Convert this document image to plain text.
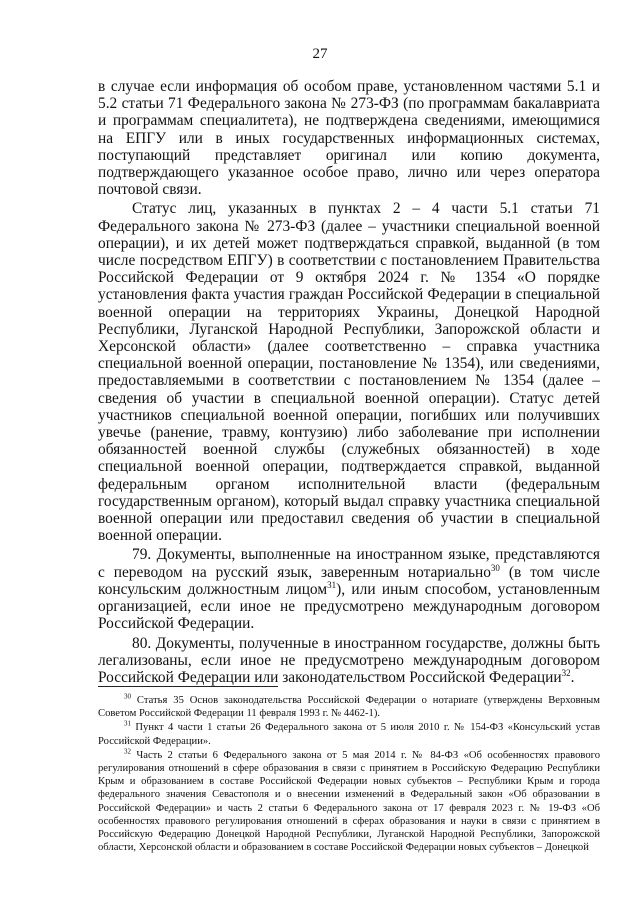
27

в случае если информация об особом праве, установленном частями 5.1 и 5.2 статьи 71 Федерального закона № 273-ФЗ (по программам бакалавриата и программам специалитета), не подтверждена сведениями, имеющимися на ЕПГУ или в иных государственных информационных системах, поступающий представляет оригинал или копию документа, подтверждающего указанное особое право, лично или через оператора почтовой связи.

Статус лиц, указанных в пунктах 2 – 4 части 5.1 статьи 71 Федерального закона № 273-ФЗ (далее – участники специальной военной операции), и их детей может подтверждаться справкой, выданной (в том числе посредством ЕПГУ) в соответствии с постановлением Правительства Российской Федерации от 9 октября 2024 г. № 1354 «О порядке установления факта участия граждан Российской Федерации в специальной военной операции на территориях Украины, Донецкой Народной Республики, Луганской Народной Республики, Запорожской области и Херсонской области» (далее соответственно – справка участника специальной военной операции, постановление № 1354), или сведениями, предоставляемыми в соответствии с постановлением № 1354 (далее – сведения об участии в специальной военной операции). Статус детей участников специальной военной операции, погибших или получивших увечье (ранение, травму, контузию) либо заболевание при исполнении обязанностей военной службы (служебных обязанностей) в ходе специальной военной операции, подтверждается справкой, выданной федеральным органом исполнительной власти (федеральным государственным органом), который выдал справку участника специальной военной операции или предоставил сведения об участии в специальной военной операции.

79. Документы, выполненные на иностранном языке, представляются с переводом на русский язык, заверенным нотариально$^{30}$ (в том числе консульским должностным лицом$^{31}$), или иным способом, установленным организацией, если иное не предусмотрено международным договором Российской Федерации.

80. Документы, полученные в иностранном государстве, должны быть легализованы, если иное не предусмотрено международным договором Российской Федерации или законодательством Российской Федерации$^{32}$.

$^{30}$ Статья 35 Основ законодательства Российской Федерации о нотариате (утверждены Верховным Советом Российской Федерации 11 февраля 1993 г. № 4462-1).

$^{31}$ Пункт 4 части 1 статьи 26 Федерального закона от 5 июля 2010 г. № 154-ФЗ «Консульский устав Российской Федерации».

$^{32}$ Часть 2 статьи 6 Федерального закона от 5 мая 2014 г. № 84-ФЗ «Об особенностях правового регулирования отношений в сфере образования в связи с принятием в Российскую Федерацию Республики Крым и образованием в составе Российской Федерации новых субъектов – Республики Крым и города федерального значения Севастополя и о внесении изменений в Федеральный закон «Об образовании в Российской Федерации» и часть 2 статьи 6 Федерального закона от 17 февраля 2023 г. № 19-ФЗ «Об особенностях правового регулирования отношений в сферах образования и науки в связи с принятием в Российскую Федерацию Донецкой Народной Республики, Луганской Народной Республики, Запорожской области, Херсонской области и образованием в составе Российской Федерации новых субъектов – Донецкой
